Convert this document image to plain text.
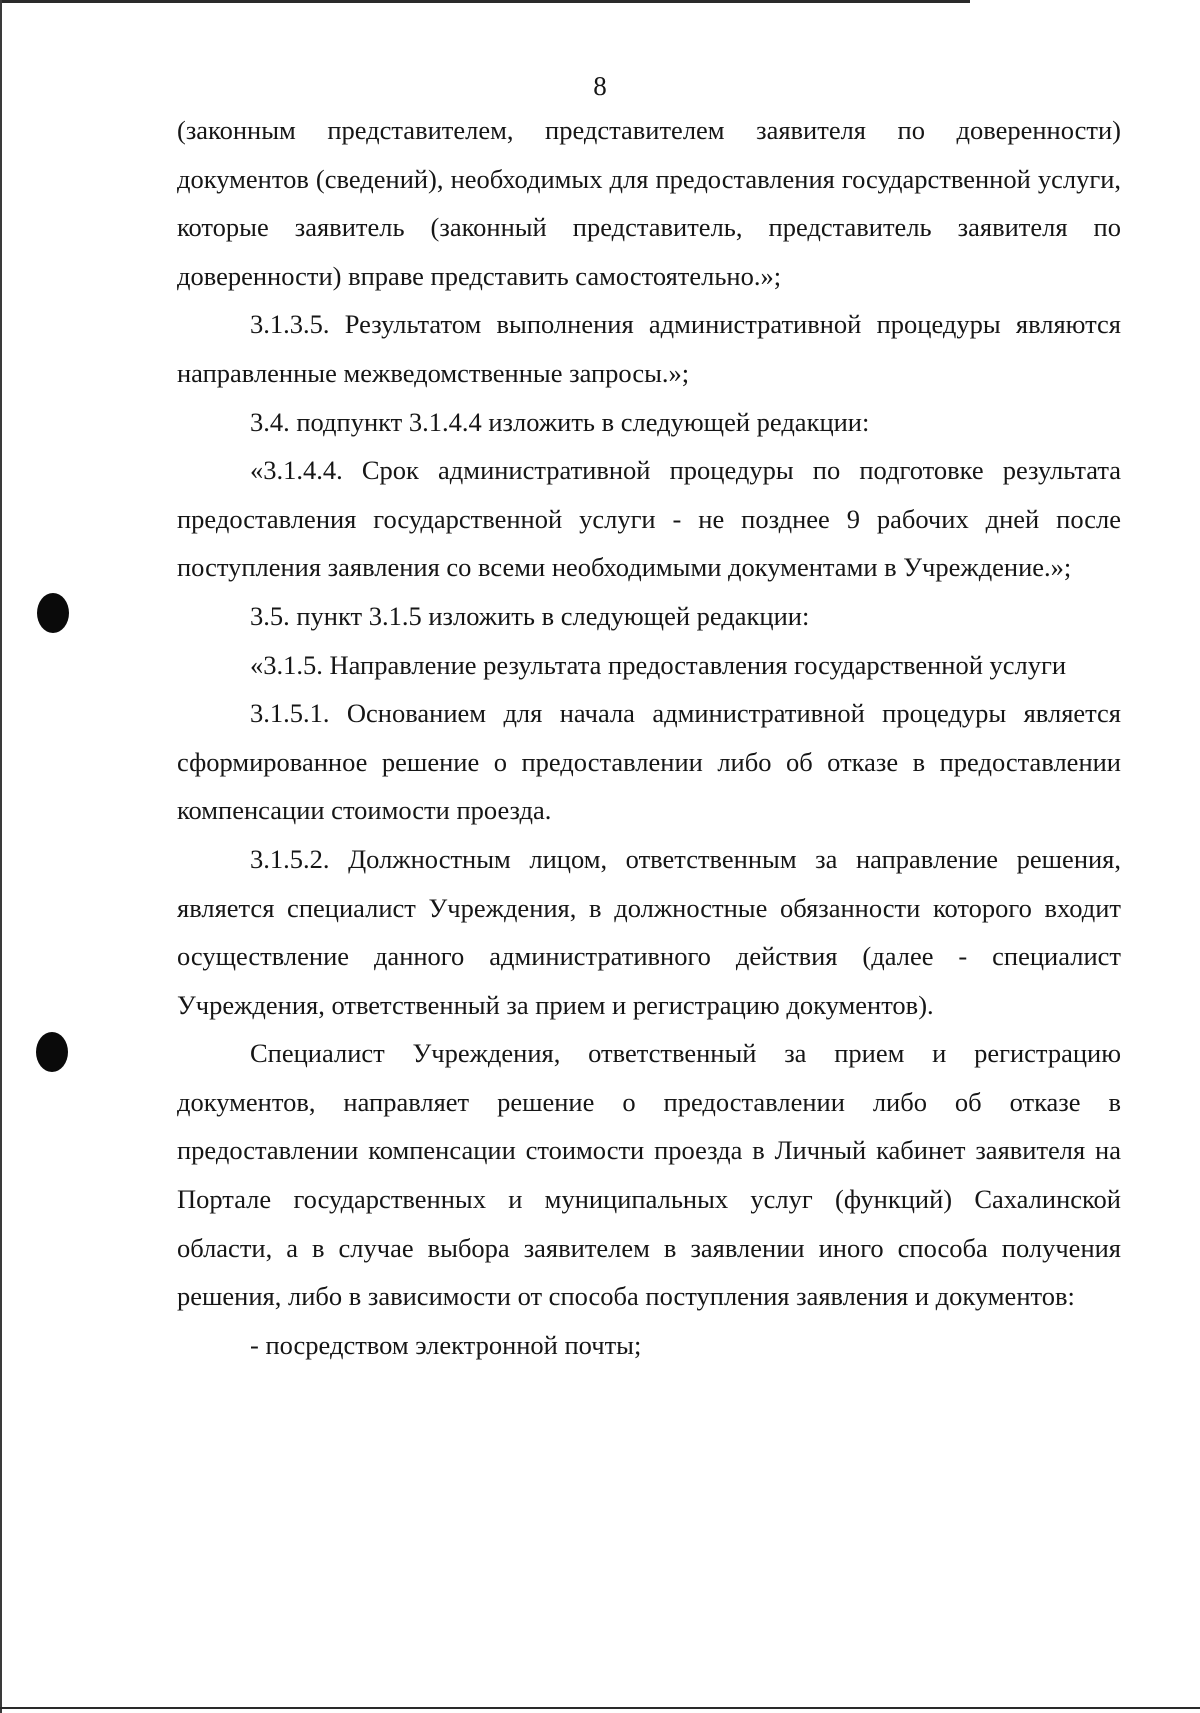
8

(законным представителем, представителем заявителя по доверенности) документов (сведений), необходимых для предоставления государственной услуги, которые заявитель (законный представитель, представитель заявителя по доверенности) вправе представить самостоятельно.»;

3.1.3.5. Результатом выполнения административной процедуры являются направленные межведомственные запросы.»;

3.4. подпункт 3.1.4.4 изложить в следующей редакции:

«3.1.4.4. Срок административной процедуры по подготовке результата предоставления государственной услуги - не позднее 9 рабочих дней после поступления заявления со всеми необходимыми документами в Учреждение.»;

3.5. пункт 3.1.5 изложить в следующей редакции:

«3.1.5. Направление результата предоставления государственной услуги

3.1.5.1. Основанием для начала административной процедуры является сформированное решение о предоставлении либо об отказе в предоставлении компенсации стоимости проезда.

3.1.5.2. Должностным лицом, ответственным за направление решения, является специалист Учреждения, в должностные обязанности которого входит осуществление данного административного действия (далее - специалист Учреждения, ответственный за прием и регистрацию документов).

Специалист Учреждения, ответственный за прием и регистрацию документов, направляет решение о предоставлении либо об отказе в предоставлении компенсации стоимости проезда в Личный кабинет заявителя на Портале государственных и муниципальных услуг (функций) Сахалинской области, а в случае выбора заявителем в заявлении иного способа получения решения, либо в зависимости от способа поступления заявления и документов:

- посредством электронной почты;
